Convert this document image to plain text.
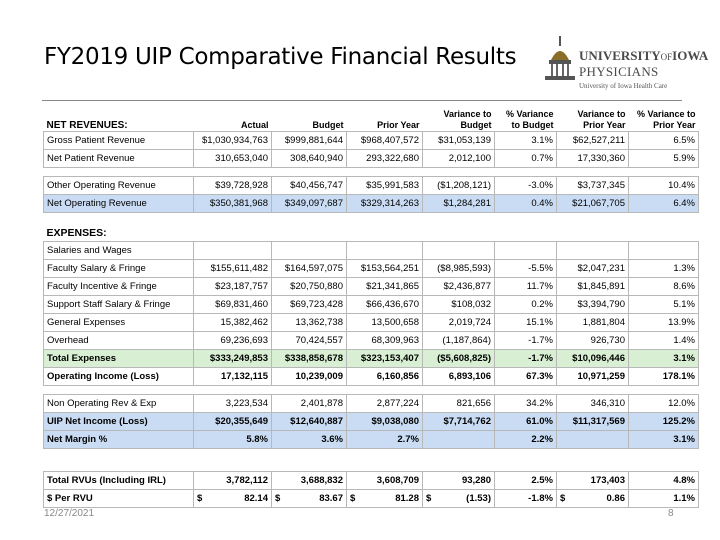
FY2019 UIP Comparative Financial Results	UNIVERSITYOFIOWA
PHYSICIANS
University of Iowa Health Care
NET REVENUES:	Actual	Budget	Prior Year	Variance to Budget	% Variance to Budget	Variance to Prior Year	% Variance to Prior Year
Gross Patient Revenue	$1,030,934,763	$999,881,644	$968,407,572	$31,053,139	3.1%	$62,527,211	6.5%
Net Patient Revenue	310,653,040	308,640,940	293,322,680	2,012,100	0.7%	17,330,360	5.9%

Other Operating Revenue	$39,728,928	$40,456,747	$35,991,583	($1,208,121)	-3.0%	$3,737,345	10.4%
Net Operating Revenue	$350,381,968	$349,097,687	$329,314,263	$1,284,281	0.4%	$21,067,705	6.4%

EXPENSES:							
Salaries and Wages							
Faculty Salary & Fringe	$155,611,482	$164,597,075	$153,564,251	($8,985,593)	-5.5%	$2,047,231	1.3%
Faculty Incentive & Fringe	$23,187,757	$20,750,880	$21,341,865	$2,436,877	11.7%	$1,845,891	8.6%
Support Staff Salary & Fringe	$69,831,460	$69,723,428	$66,436,670	$108,032	0.2%	$3,394,790	5.1%
General Expenses	15,382,462	13,362,738	13,500,658	2,019,724	15.1%	1,881,804	13.9%
Overhead	69,236,693	70,424,557	68,309,963	(1,187,864)	-1.7%	926,730	1.4%
Total Expenses	$333,249,853	$338,858,678	$323,153,407	($5,608,825)	-1.7%	$10,096,446	3.1%
Operating Income (Loss)	17,132,115	10,239,009	6,160,856	6,893,106	67.3%	10,971,259	178.1%

Non Operating Rev & Exp	3,223,534	2,401,878	2,877,224	821,656	34.2%	346,310	12.0%
UIP Net Income (Loss)	$20,355,649	$12,640,887	$9,038,080	$7,714,762	61.0%	$11,317,569	125.2%
Net Margin %	5.8%	3.6%	2.7%		2.2%		3.1%

Total RVUs (Including IRL)	3,782,112	3,688,832	3,608,709	93,280	2.5%	173,403	4.8%
$ Per RVU	$ 82.14	$ 83.67	$ 81.28	$ (1.53)	-1.8%	$ 0.86	1.1%
12/27/2021	8
